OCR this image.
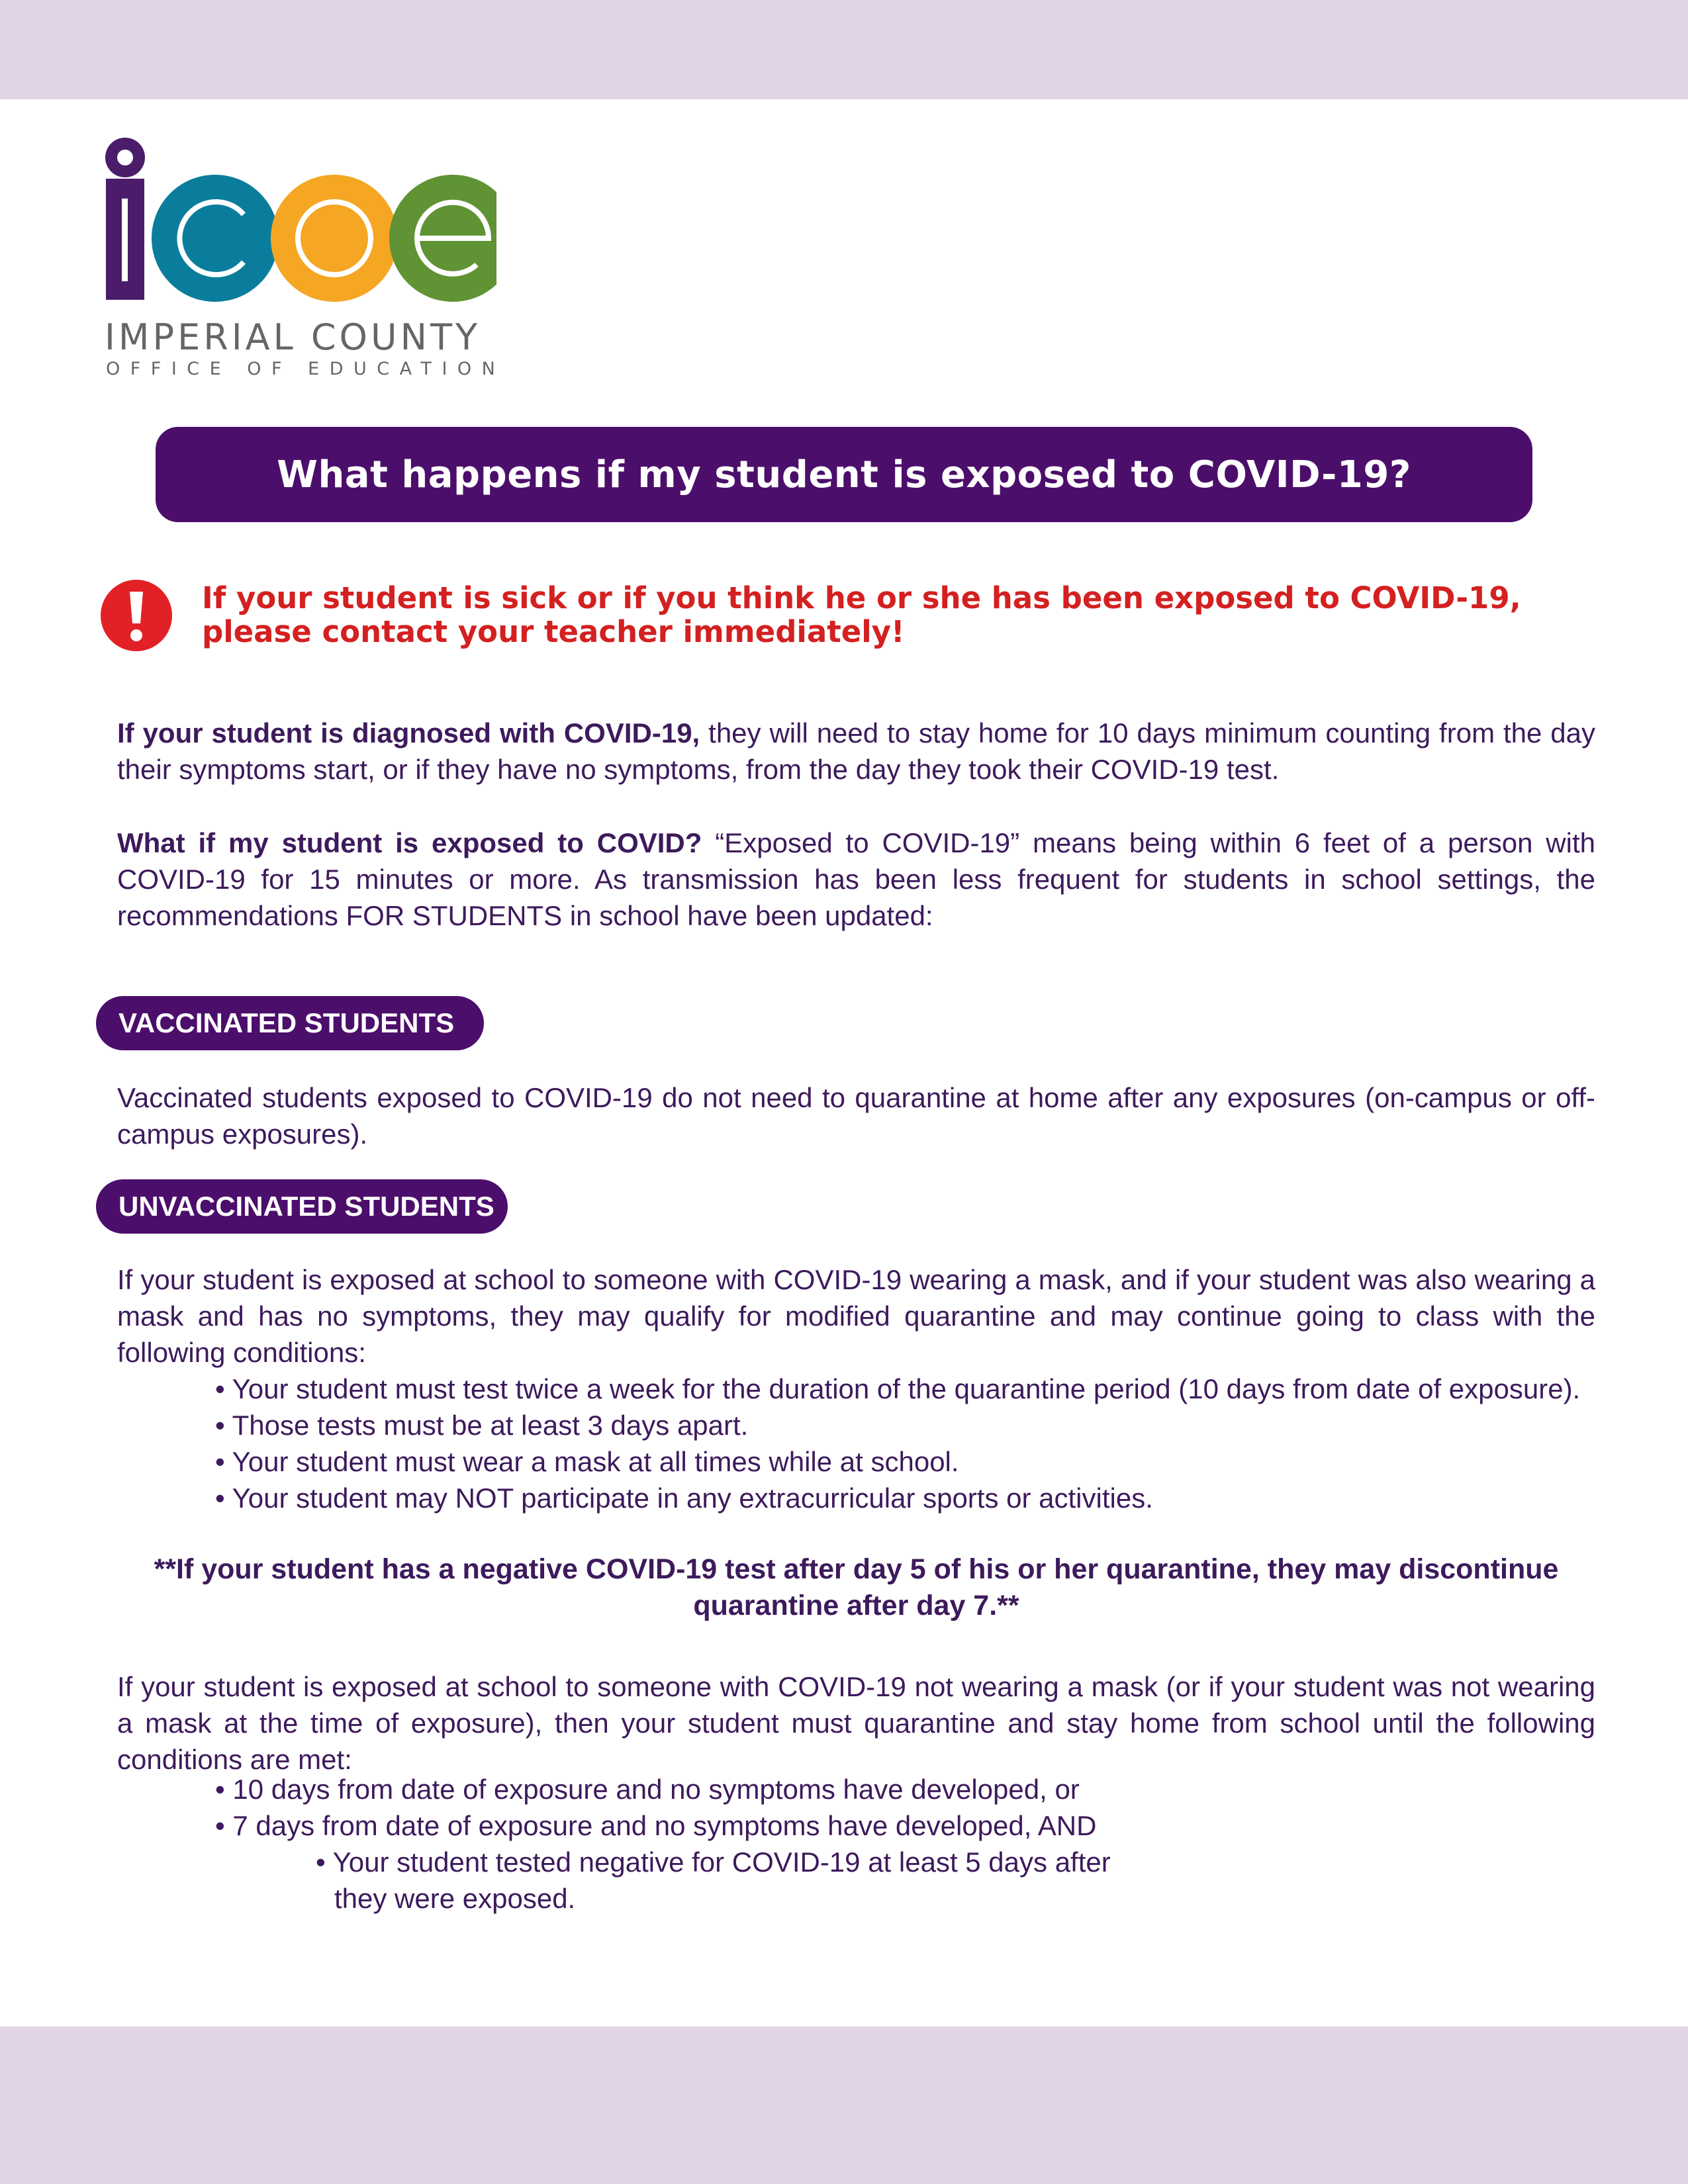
IMPERIAL COUNTY
OFFICE OF EDUCATION
What happens if my student is exposed to COVID-19?
If your student is sick or if you think he or she has been exposed to COVID-19, please contact your teacher immediately!
If your student is diagnosed with COVID-19, they will need to stay home for 10 days minimum counting from the day their symptoms start, or if they have no symptoms, from the day they took their COVID-19 test.
What if my student is exposed to COVID? “Exposed to COVID-19” means being within 6 feet of a person with COVID-19 for 15 minutes or more. As transmission has been less frequent for students in school settings, the recommendations FOR STUDENTS in school have been updated:
VACCINATED STUDENTS
Vaccinated students exposed to COVID-19 do not need to quarantine at home after any exposures (on-campus or off-campus exposures).
UNVACCINATED STUDENTS
If your student is exposed at school to someone with COVID-19 wearing a mask, and if your student was also wearing a mask and has no symptoms, they may qualify for modified quarantine and may continue going to class with the following conditions:
• Your student must test twice a week for the duration of the quarantine period (10 days from date of exposure).
• Those tests must be at least 3 days apart.
• Your student must wear a mask at all times while at school.
• Your student may NOT participate in any extracurricular sports or activities.
**If your student has a negative COVID-19 test after day 5 of his or her quarantine, they may discontinue
quarantine after day 7.**
If your student is exposed at school to someone with COVID-19 not wearing a mask (or if your student was not wearing a mask at the time of exposure), then your student must quarantine and stay home from school until the following conditions are met:
• 10 days from date of exposure and no symptoms have developed, or
• 7 days from date of exposure and no symptoms have developed, AND
• Your student tested negative for COVID-19 at least 5 days after
they were exposed.
